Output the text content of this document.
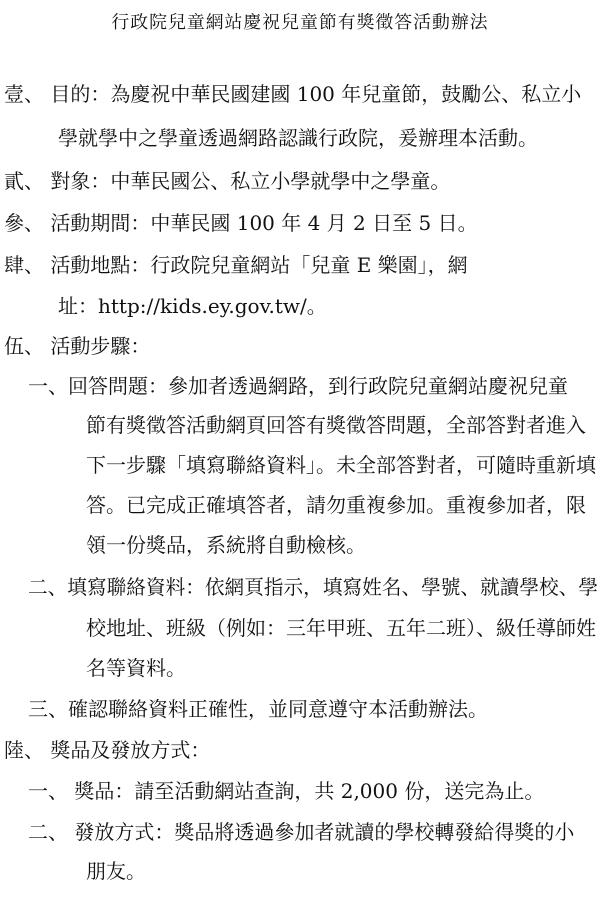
行政院兒童網站慶祝兒童節有獎徵答活動辦法
壹、 目的：為慶祝中華民國建國 100 年兒童節，鼓勵公、私立小
學就學中之學童透過網路認識行政院，爰辦理本活動。
貳、 對象：中華民國公、私立小學就學中之學童。
參、 活動期間：中華民國 100 年 4 月 2 日至 5 日。
肆、 活動地點：行政院兒童網站「兒童 E 樂園」，網
址：http://kids.ey.gov.tw/。
伍、 活動步驟：
一、回答問題：參加者透過網路，到行政院兒童網站慶祝兒童
節有獎徵答活動網頁回答有獎徵答問題，全部答對者進入
下一步驟「填寫聯絡資料」。未全部答對者，可隨時重新填
答。已完成正確填答者，請勿重複參加。重複參加者，限
領一份獎品，系統將自動檢核。
二、填寫聯絡資料：依網頁指示，填寫姓名、學號、就讀學校、學
校地址、班級（例如：三年甲班、五年二班）、級任導師姓
名等資料。
三、確認聯絡資料正確性，並同意遵守本活動辦法。
陸、 獎品及發放方式：
一、 獎品：請至活動網站查詢，共 2,000 份，送完為止。
二、 發放方式：獎品將透過參加者就讀的學校轉發給得獎的小
朋友。
